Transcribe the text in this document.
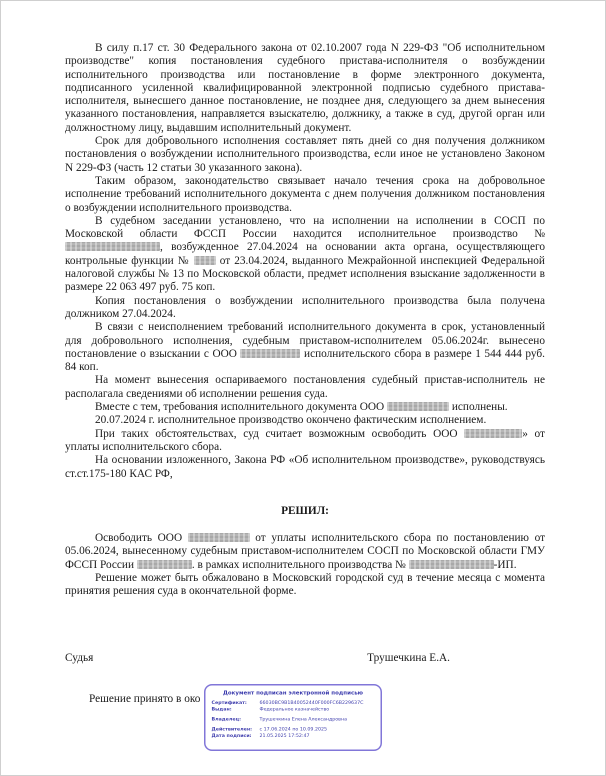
В силу п.17 ст. 30 Федерального закона от 02.10.2007 года N 229-ФЗ "Об исполнительном производстве" копия постановления судебного пристава-исполнителя о возбуждении исполнительного производства или постановление в форме электронного документа, подписанного усиленной квалифицированной электронной подписью судебного пристава-исполнителя, вынесшего данное постановление, не позднее дня, следующего за днем вынесения указанного постановления, направляется взыскателю, должнику, а также в суд, другой орган или должностному лицу, выдавшим исполнительный документ.

Срок для добровольного исполнения составляет пять дней со дня получения должником постановления о возбуждении исполнительного производства, если иное не установлено Законом N 229-ФЗ (часть 12 статьи 30 указанного закона).

Таким образом, законодательство связывает начало течения срока на добровольное исполнение требований исполнительного документа с днем получения должником постановления о возбуждении исполнительного производства.

В судебном заседании установлено, что на исполнении на исполнении в СОСП по Московской области ФССП России находится исполнительное производство № , возбужденное 27.04.2024 на основании акта органа, осуществляющего контрольные функции №  от 23.04.2024, выданного Межрайонной инспекцией Федеральной налоговой службы № 13 по Московской области, предмет исполнения взыскание задолженности в размере 22 063 497 руб. 75 коп.

Копия постановления о возбуждении исполнительного производства была получена должником 27.04.2024.

В связи с неисполнением требований исполнительного документа в срок, установленный для добровольного исполнения, судебным приставом-исполнителем 05.06.2024г. вынесено постановление о взыскании с ООО	исполнительского сбора в размере 1 544 444 руб. 84 коп.

На момент вынесения оспариваемого постановления судебный пристав-исполнитель не располагала сведениями об исполнении решения суда.

Вместе с тем, требования исполнительного документа ООО	исполнены.

20.07.2024 г. исполнительное производство окончено фактическим исполнением.

При таких обстоятельствах, суд считает возможным освободить ООО	» от уплаты исполнительского сбора.

На основании изложенного, Закона РФ «Об исполнительном производстве», руководствуясь ст.ст.175-180 КАС РФ,

РЕШИЛ:

Освободить ООО	от уплаты исполнительского сбора по постановлению от 05.06.2024, вынесенному судебным приставом-исполнителем СОСП по Московской области ГМУ ФССП России	. в рамках исполнительного производства №	-ИП.

Решение может быть обжаловано в Московский городской суд в течение месяца с момента принятия решения суда в окончательной форме.

Судья	Трушечкина Е.А.
Решение принято в око
Документ подписан электронной подписью
Сертификат:	66030BC9B1B40052440F000FC6B229637C
Выдан:	Федеральное казначейство
Владелец:	Трушечкина Елена Александровна
Действителен: с 17.06.2024 по 10.09.2025
Дата подписи: 21.05.2025 17:52:47
